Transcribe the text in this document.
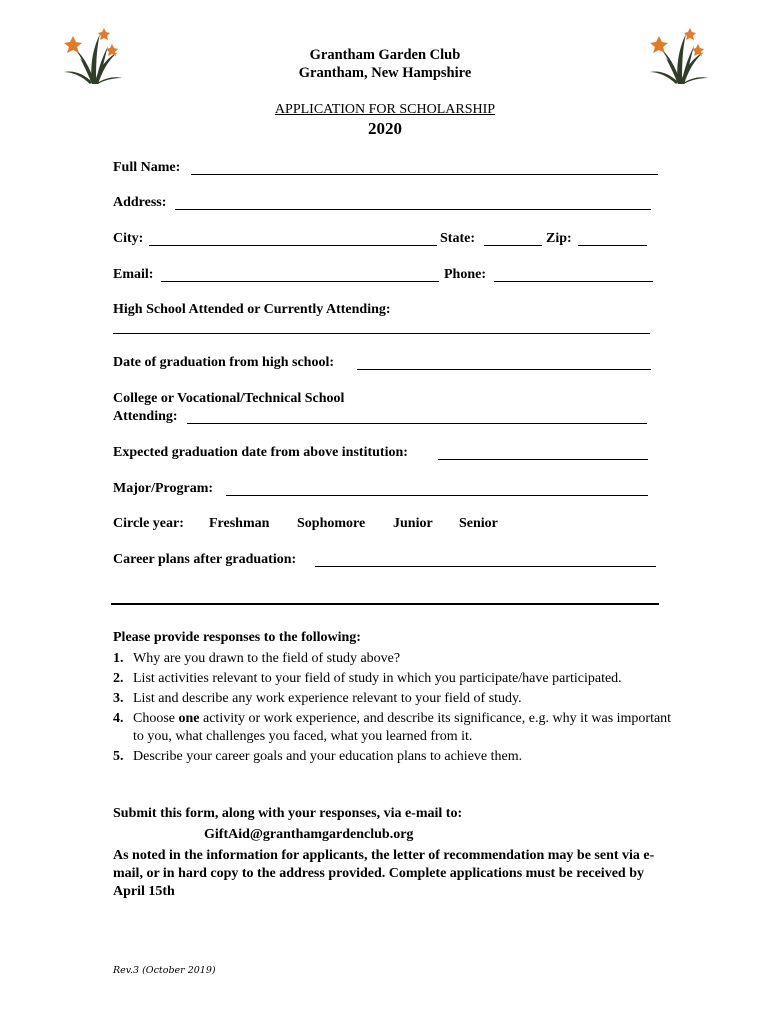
Grantham Garden Club
Grantham, New Hampshire
APPLICATION FOR SCHOLARSHIP
2020
Full Name:
Address:
City:	State:	Zip:
Email:	Phone:
High School Attended or Currently Attending:
Date of graduation from high school:
College or Vocational/Technical School
Attending:
Expected graduation date from above institution:
Major/Program:
Circle year: Freshman Sophomore Junior Senior
Career plans after graduation:
Please provide responses to the following:
1. Why are you drawn to the field of study above?
2. List activities relevant to your field of study in which you participate/have participated.
3. List and describe any work experience relevant to your field of study.
4. Choose one activity or work experience, and describe its significance, e.g. why it was important to you, what challenges you faced, what you learned from it.
5. Describe your career goals and your education plans to achieve them.
Submit this form, along with your responses, via e-mail to:
GiftAid@granthamgardenclub.org
As noted in the information for applicants, the letter of recommendation may be sent via e-mail, or in hard copy to the address provided. Complete applications must be received by April 15th
Rev.3 (October 2019)
